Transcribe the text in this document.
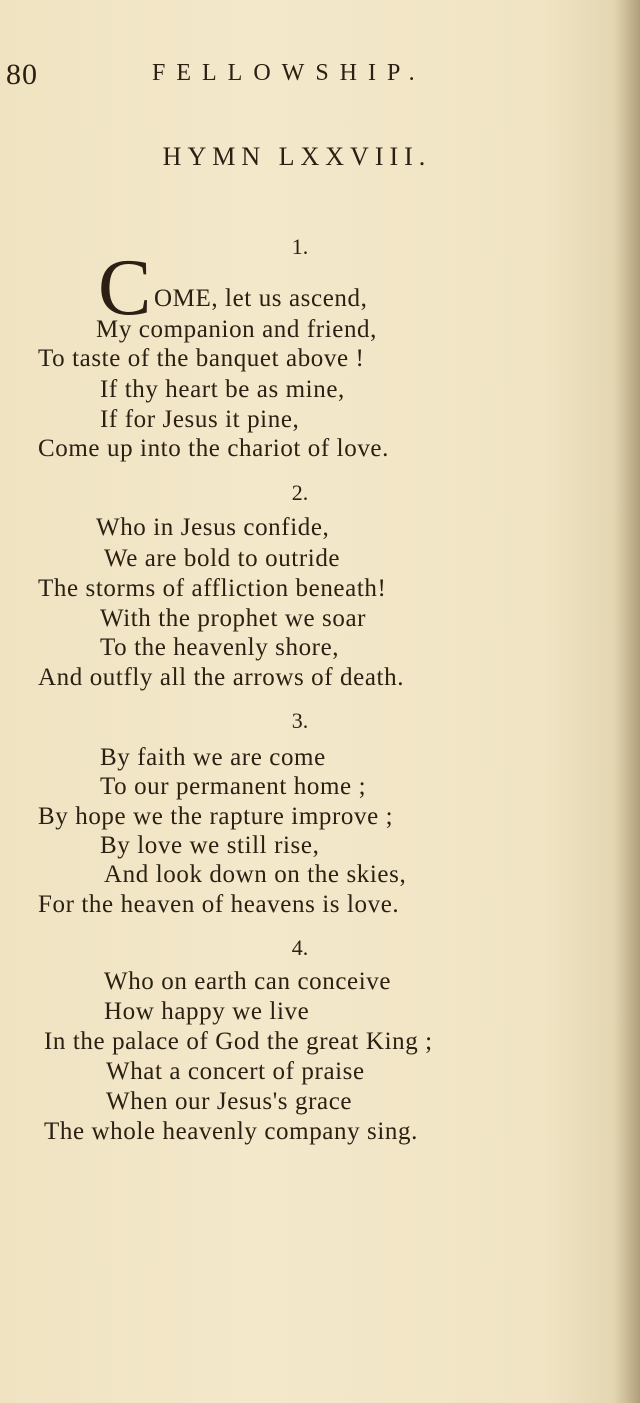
80	FELLOWSHIP.
HYMN LXXVIII.
1.
C OME, let us ascend,
My companion and friend,
To taste of the banquet above !
If thy heart be as mine,
If for Jesus it pine,
Come up into the chariot of love.
2.
Who in Jesus confide,
We are bold to outride
The storms of affliction beneath!
With the prophet we soar
To the heavenly shore,
And outfly all the arrows of death.
3.
By faith we are come
To our permanent home ;
By hope we the rapture improve ;
By love we still rise,
And look down on the skies,
For the heaven of heavens is love.
4.
Who on earth can conceive
How happy we live
In the palace of God the great King ;
What a concert of praise
When our Jesus's grace
The whole heavenly company sing.
